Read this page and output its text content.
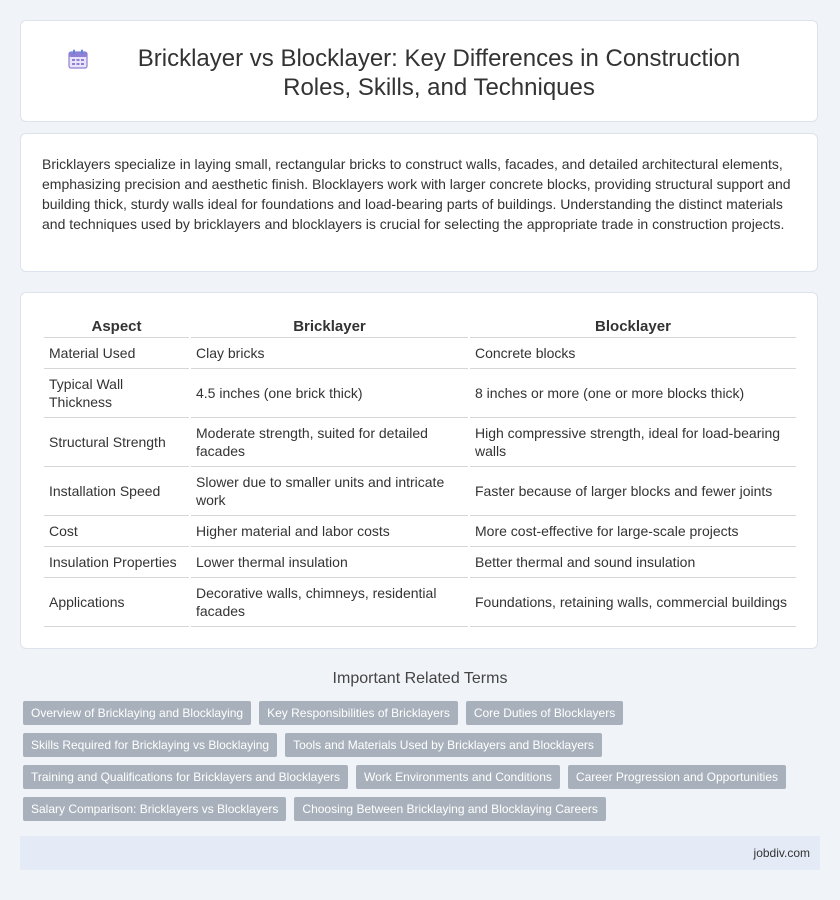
Bricklayer vs Blocklayer: Key Differences in Construction Roles, Skills, and Techniques

Bricklayers specialize in laying small, rectangular bricks to construct walls, facades, and detailed architectural elements, emphasizing precision and aesthetic finish. Blocklayers work with larger concrete blocks, providing structural support and building thick, sturdy walls ideal for foundations and load-bearing parts of buildings. Understanding the distinct materials and techniques used by bricklayers and blocklayers is crucial for selecting the appropriate trade in construction projects.

Aspect	Bricklayer	Blocklayer
Material Used	Clay bricks	Concrete blocks
Typical Wall Thickness	4.5 inches (one brick thick)	8 inches or more (one or more blocks thick)
Structural Strength	Moderate strength, suited for detailed facades	High compressive strength, ideal for load-bearing walls
Installation Speed	Slower due to smaller units and intricate work	Faster because of larger blocks and fewer joints
Cost	Higher material and labor costs	More cost-effective for large-scale projects
Insulation Properties	Lower thermal insulation	Better thermal and sound insulation
Applications	Decorative walls, chimneys, residential facades	Foundations, retaining walls, commercial buildings
Important Related Terms
Overview of Bricklaying and Blocklaying	Key Responsibilities of Bricklayers	Core Duties of Blocklayers
Skills Required for Bricklaying vs Blocklaying	Tools and Materials Used by Bricklayers and Blocklayers
Training and Qualifications for Bricklayers and Blocklayers	Work Environments and Conditions	Career Progression and Opportunities
Salary Comparison: Bricklayers vs Blocklayers	Choosing Between Bricklaying and Blocklaying Careers
jobdiv.com
